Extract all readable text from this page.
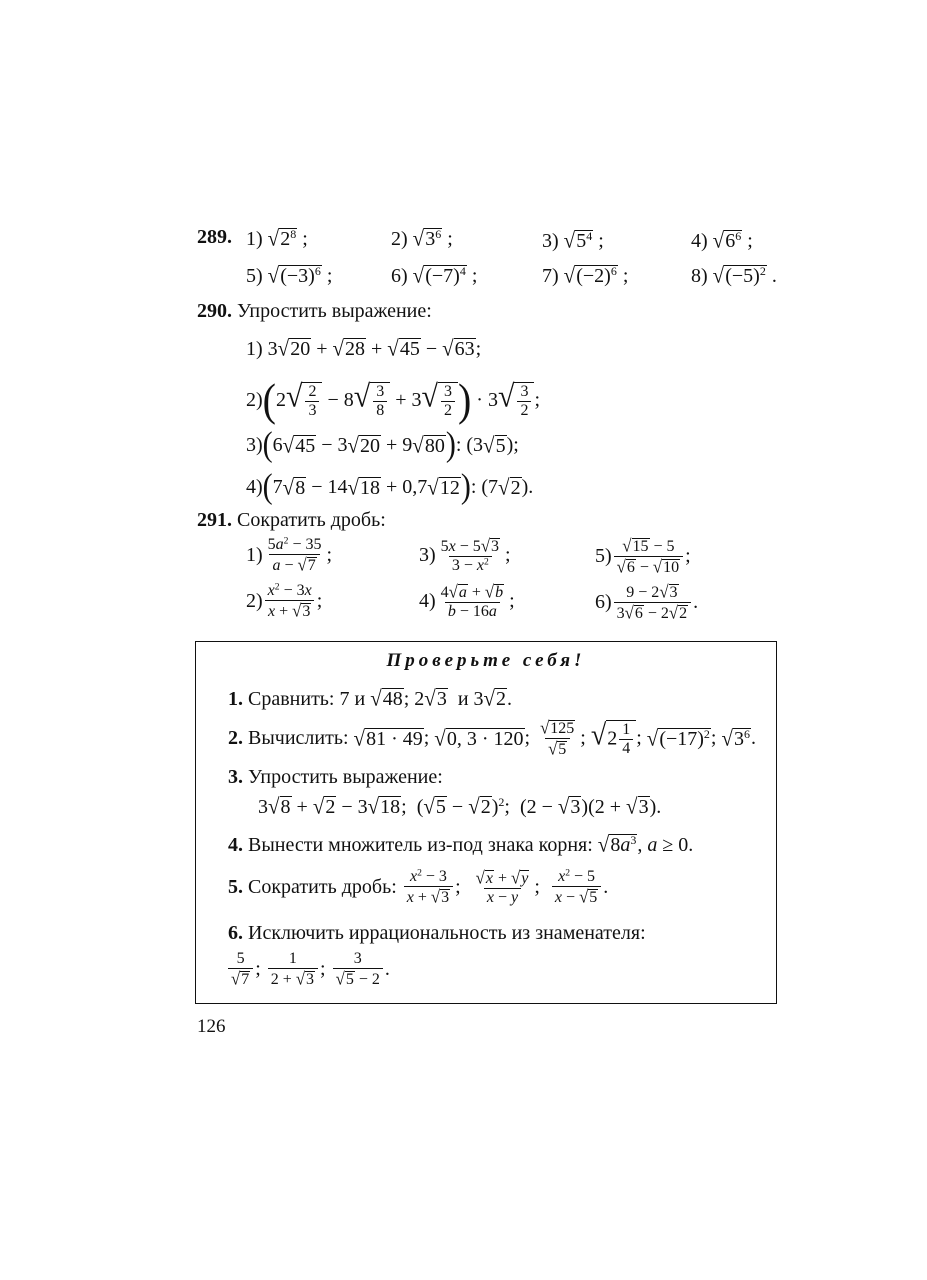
289. 1) $√2^8$ ;	2) $√3^6$ ;	3) $√5^4$ ;	4) $√6^6$ ;
5) $√(-3)^6$ ;	6) $√(-7)^4$ ;	7) $√(-2)^6$ ;	8) $√(-5)^2$ .
290. Упростить выражение:
1) 3√20 + √28 + √45 − √63;
2) ( 2 √ $\frac{2}{3} - 8$ √ $\frac{3}{8} + 3$ √ $\frac{3}{2}$ ) · 3 √ $\frac{3}{2}$ ;
3) ( 6 √45 − 3 √20 + 9 √80 ) : (3 √5 );
4) ( 7 √8 − 14 √18 + 0,7 √12 ) : (7 √2 ).
291. Сократить дробь:
$1) \frac{5a^2 - 35}{a - √7}$ ;	$3) \frac{5x - 5√3}{3 - x^2}$ ;	$5) \frac{√15 - 5}{√6 - √10}$ ;
$2) \frac{x^2 - 3x}{x + √3}$ ;	$4) \frac{4√a + √b}{b - 16a}$ ;	$6) \frac{9 - 2√3}{3√6 - 2√2}$ .
Проверьте себя!
1. Сравнить: 7 и √48; 2√3  и 3√2.
2.
Вычислить:
√81 · 49 ; √0, 3 · 120 ; $\frac{√125}{√5}$ ; $√2 \frac{1}{4}$ ; $√(-17)^2$ ; $√3^6$ .
3. Упростить выражение:
3√8 + √2 − 3√18;  $(√5 - √2)^2$;  (2 − √3)(2 + √3).
4. Вынести множитель из-под знака корня: $√8a^3$, a ≥ 0.
5.
Сократить дробь:
$\frac{x^2 - 3}{x + √3}$ ; $\frac{√x + √y}{x - y}$ ; $\frac{x^2 - 5}{x - √5}$ .
6. Исключить иррациональность из знаменателя:
$\frac{5}{√7}$ ; $\frac{1}{2 + √3}$ ; $\frac{3}{√5 - 2}$ .
126
